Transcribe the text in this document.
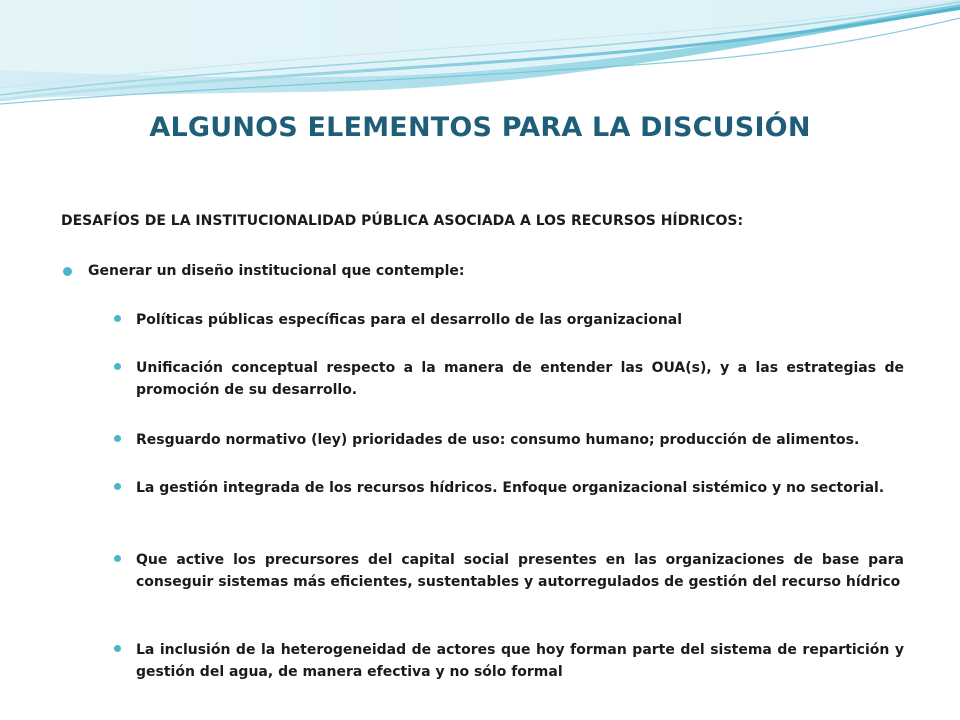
ALGUNOS ELEMENTOS PARA LA DISCUSIÓN
DESAFÍOS DE LA INSTITUCIONALIDAD PÚBLICA ASOCIADA A LOS RECURSOS HÍDRICOS:
Generar un diseño institucional que contemple:
Políticas públicas específicas para el desarrollo de las organizacional
Unificación conceptual respecto a la manera de entender las OUA(s), y a las estrategias de promoción de su desarrollo.
Resguardo normativo (ley) prioridades de uso: consumo humano; producción de alimentos.
La gestión integrada de los recursos hídricos. Enfoque organizacional sistémico y no sectorial.
Que active los precursores del capital social presentes en las organizaciones de base para conseguir sistemas más eficientes, sustentables y autorregulados de gestión del recurso hídrico
La inclusión de la heterogeneidad de actores que hoy forman parte del sistema de repartición y gestión del agua, de manera efectiva y no sólo formal
